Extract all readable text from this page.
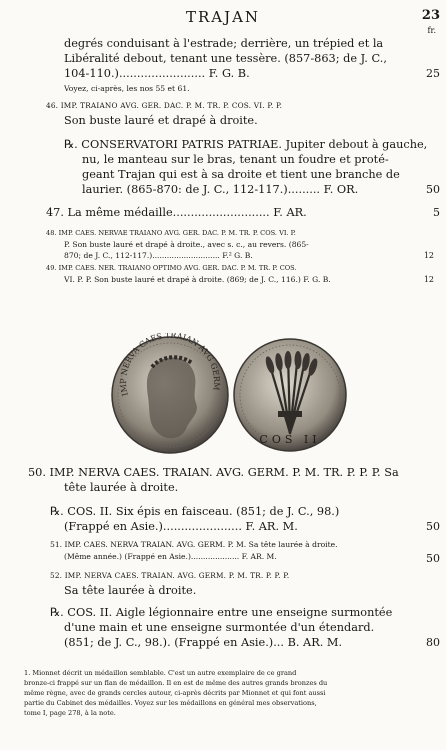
TRAJAN	23
fr.
degrés conduisant à l'estrade; derrière, un trépied et la
Libéralité debout, tenant une tessère. (857-863; de J. C.,
104-110.)........................ F. G. B.
Voyez, ci-après, les nos 55 et 61.
46. IMP. TRAIANO AVG. GER. DAC. P. M. TR. P. COS. VI. P. P.
Son buste lauré et drapé à droite.
℞. CONSERVATORI PATRIS PATRIAE. Jupiter debout à gauche,
nu, le manteau sur le bras, tenant un foudre et proté-
geant Trajan qui est à sa droite et tient une branche de
laurier. (865-870: de J. C., 112-117.)......... F. OR.
47. La même médaille........................... F. AR.
48. IMP. CAES. NERVAE TRAIANO AVG. GER. DAC. P. M. TR. P. COS. VI. P.
P. Son buste lauré et drapé à droite., avec s. c., au revers. (865-
870; de J. C., 112-117.)............................ F.² G. B.
49. IMP. CAES. NER. TRAIANO OPTIMO AVG. GER. DAC. P. M. TR. P. COS.
VI. P. P. Son buste lauré et drapé à droite. (869; de J. C., 116.) F. G. B.
50. IMP. NERVA CAES. TRAIAN. AVG. GERM. P. M. TR. P. P. P. Sa
tête laurée à droite.
℞. COS. II. Six épis en faisceau. (851; de J. C., 98.)
(Frappé en Asie.)...................... F. AR. M.
51. IMP. CAES. NERVA TRAIAN. AVG. GERM. P. M. Sa tête laurée à droite.
(Même année.) (Frappé en Asie.).................... F. AR. M.
52. IMP. NERVA CAES. TRAIAN. AVG. GERM. P. M. TR. P. P. P.
Sa tête laurée à droite.
℞. COS. II. Aigle légionnaire entre une enseigne surmontée
d'une main et une enseigne surmontée d'un étendard.
(851; de J. C., 98.). (Frappé en Asie.)... B. AR. M.
1. Mionnet décrit un médaillon semblable. C'est un autre exemplaire de ce grand
bronze-ci frappé sur un flan de médaillon. Il en est de même des autres grands bronzes du
même règne, avec de grands cercles autour, ci-après décrits par Mionnet et qui font aussi
partie du Cabinet des médailles. Voyez sur les médaillons en général mes observations,
tome I, page 278, à la note.
25
50
5
12
12
50
50
80
IMP NERVA CAES TRAIAN AVG GERM
COS II
